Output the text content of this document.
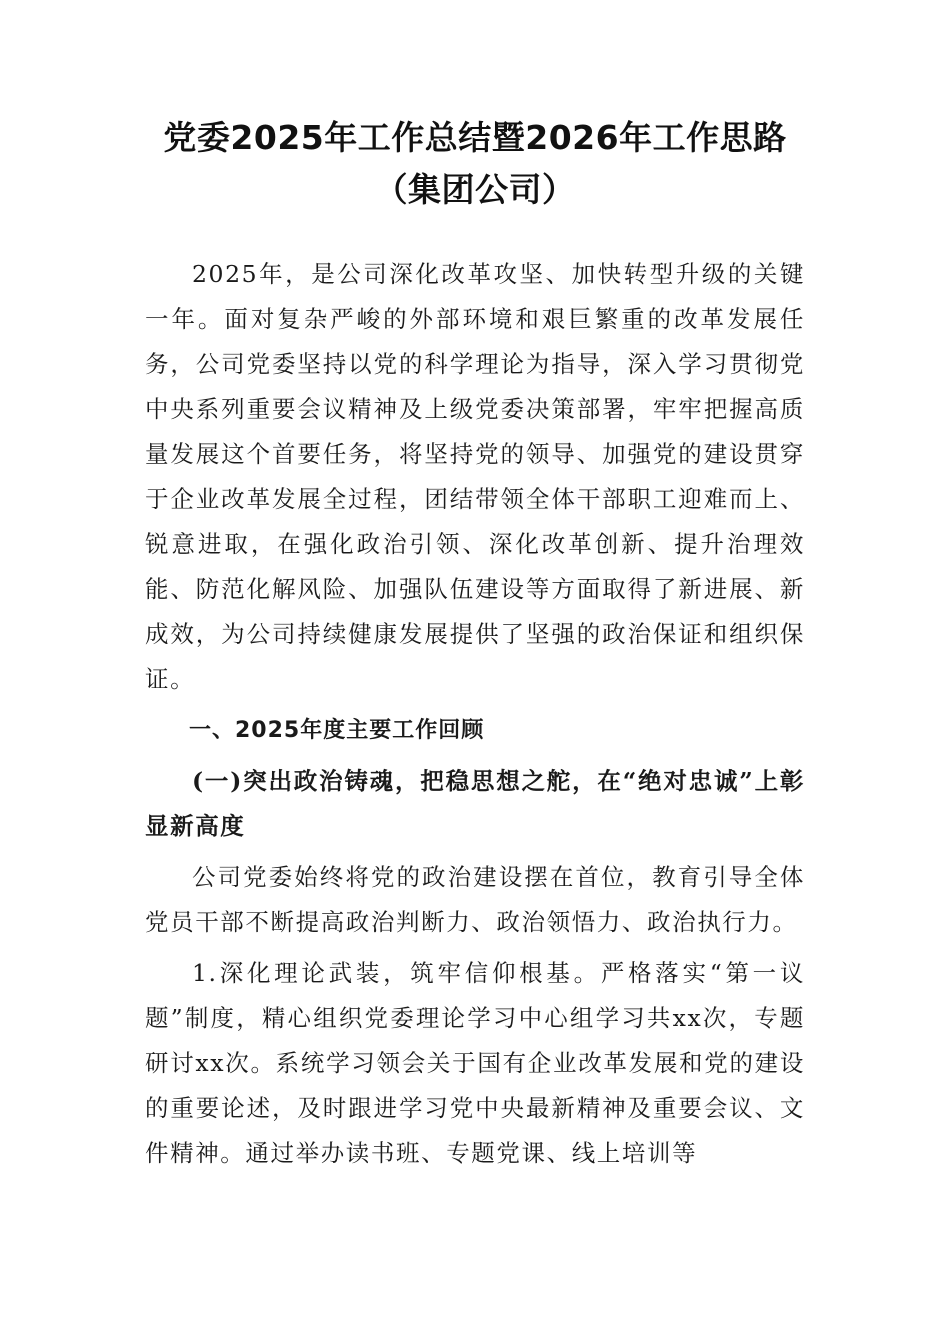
党委2025年工作总结暨2026年工作思路
（集团公司）

2025年，是公司深化改革攻坚、加快转型升级的关键一年。面对复杂严峻的外部环境和艰巨繁重的改革发展任务，公司党委坚持以党的科学理论为指导，深入学习贯彻党中央系列重要会议精神及上级党委决策部署，牢牢把握高质量发展这个首要任务，将坚持党的领导、加强党的建设贯穿于企业改革发展全过程，团结带领全体干部职工迎难而上、锐意进取，在强化政治引领、深化改革创新、提升治理效能、防范化解风险、加强队伍建设等方面取得了新进展、新成效，为公司持续健康发展提供了坚强的政治保证和组织保证。

一、2025年度主要工作回顾

(一)突出政治铸魂，把稳思想之舵，在“绝对忠诚”上彰显新高度

公司党委始终将党的政治建设摆在首位，教育引导全体党员干部不断提高政治判断力、政治领悟力、政治执行力。

1.深化理论武装，筑牢信仰根基。严格落实“第一议题”制度，精心组织党委理论学习中心组学习共xx次，专题研讨xx次。系统学习领会关于国有企业改革发展和党的建设的重要论述，及时跟进学习党中央最新精神及重要会议、文件精神。通过举办读书班、专题党课、线上培训等
